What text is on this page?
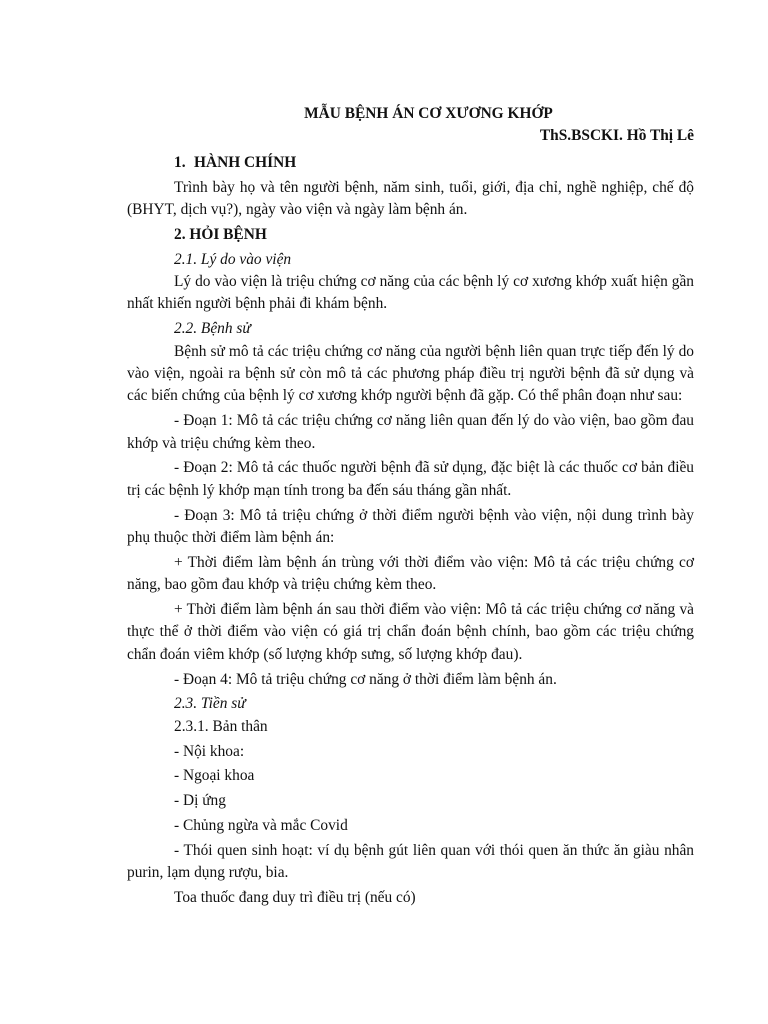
MẪU BỆNH ÁN CƠ XƯƠNG KHỚP
ThS.BSCKI. Hồ Thị Lê
1. HÀNH CHÍNH

Trình bày họ và tên người bệnh, năm sinh, tuổi, giới, địa chỉ, nghề nghiệp, chế độ (BHYT, dịch vụ?), ngày vào viện và ngày làm bệnh án.

2. HỎI BỆNH
2.1. Lý do vào viện

Lý do vào viện là triệu chứng cơ năng của các bệnh lý cơ xương khớp xuất hiện gần nhất khiến người bệnh phải đi khám bệnh.

2.2. Bệnh sử

Bệnh sử mô tả các triệu chứng cơ năng của người bệnh liên quan trực tiếp đến lý do vào viện, ngoài ra bệnh sử còn mô tả các phương pháp điều trị người bệnh đã sử dụng và các biến chứng của bệnh lý cơ xương khớp người bệnh đã gặp. Có thể phân đoạn như sau:

- Đoạn 1: Mô tả các triệu chứng cơ năng liên quan đến lý do vào viện, bao gồm đau khớp và triệu chứng kèm theo.

- Đoạn 2: Mô tả các thuốc người bệnh đã sử dụng, đặc biệt là các thuốc cơ bản điều trị các bệnh lý khớp mạn tính trong ba đến sáu tháng gần nhất.

- Đoạn 3: Mô tả triệu chứng ở thời điểm người bệnh vào viện, nội dung trình bày phụ thuộc thời điểm làm bệnh án:

+ Thời điểm làm bệnh án trùng với thời điểm vào viện: Mô tả các triệu chứng cơ năng, bao gồm đau khớp và triệu chứng kèm theo.

+ Thời điểm làm bệnh án sau thời điểm vào viện: Mô tả các triệu chứng cơ năng và thực thể ở thời điểm vào viện có giá trị chẩn đoán bệnh chính, bao gồm các triệu chứng chẩn đoán viêm khớp (số lượng khớp sưng, số lượng khớp đau).

- Đoạn 4: Mô tả triệu chứng cơ năng ở thời điểm làm bệnh án.

2.3. Tiền sử
2.3.1. Bản thân
- Nội khoa:
- Ngoại khoa
- Dị ứng
- Chủng ngừa và mắc Covid

- Thói quen sinh hoạt: ví dụ bệnh gút liên quan với thói quen ăn thức ăn giàu nhân purin, lạm dụng rượu, bia.

Toa thuốc đang duy trì điều trị (nếu có)
